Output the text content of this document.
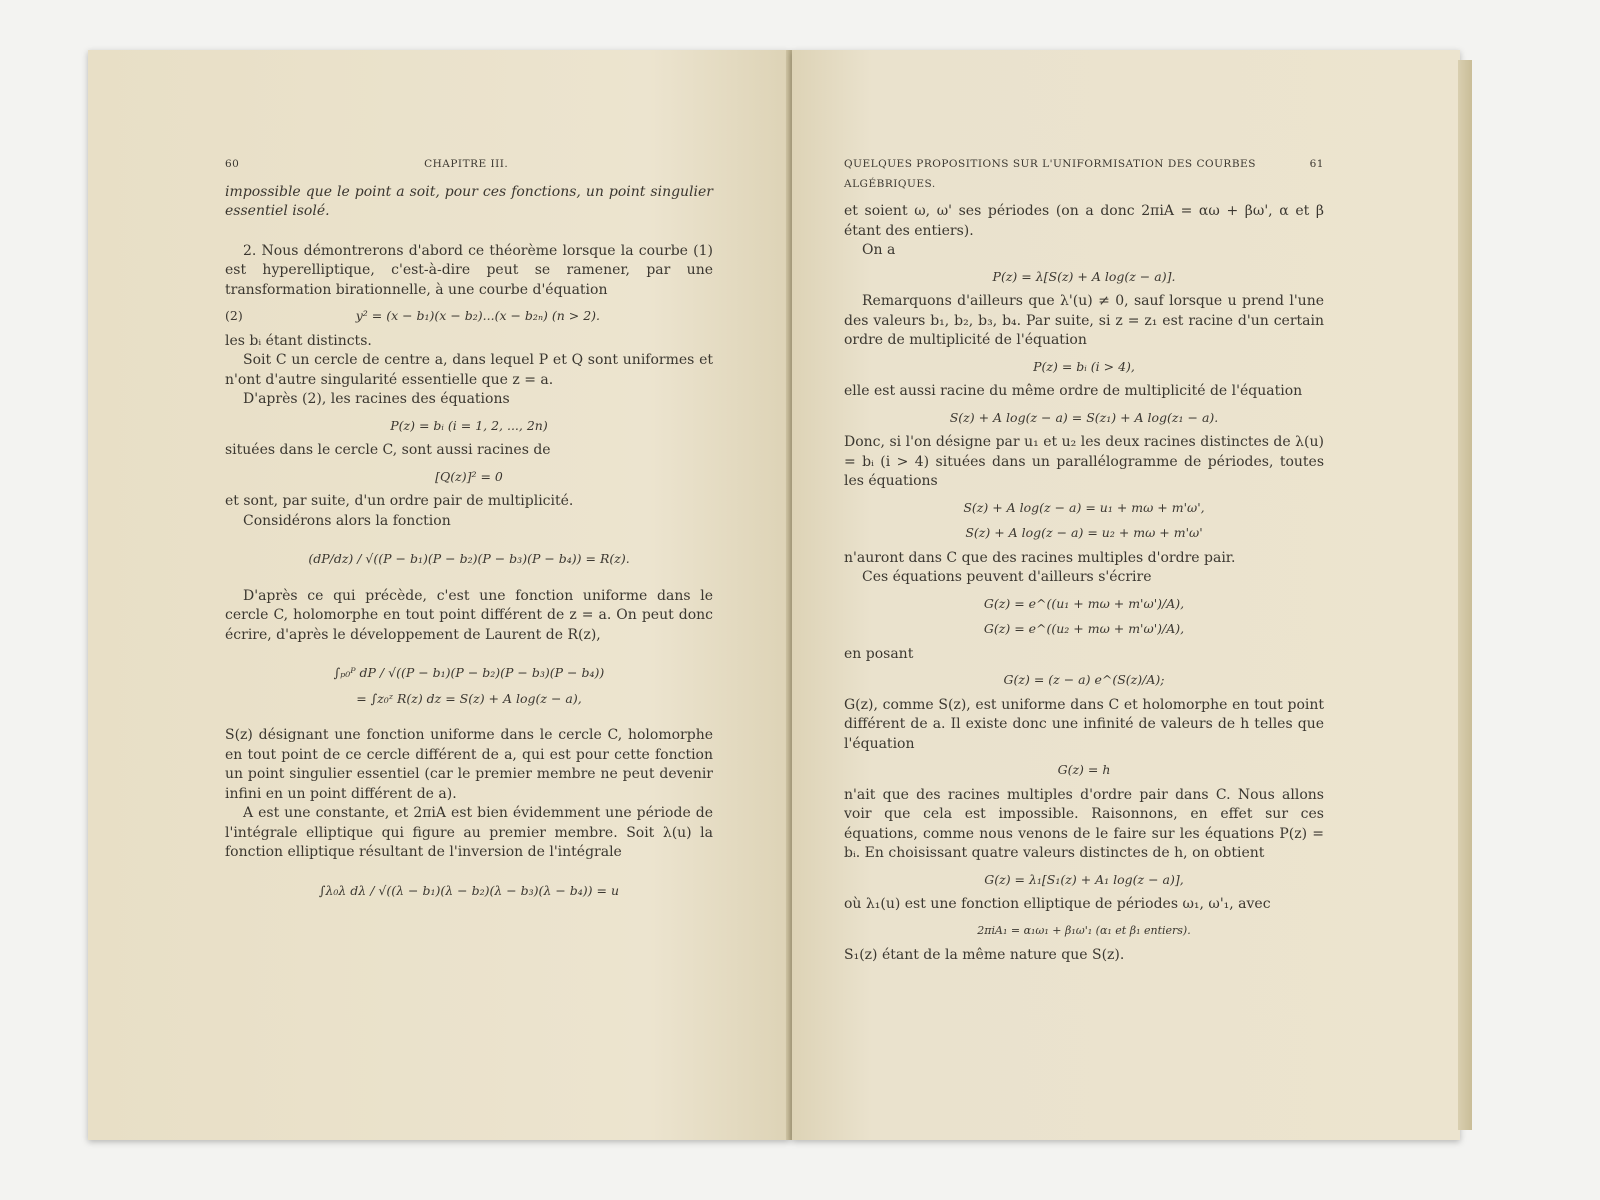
60	CHAPITRE III.
impossible que le point a soit, pour ces fonctions, un point singulier essentiel isolé.
2. Nous démontrerons d'abord ce théorème lorsque la courbe (1) est hyperelliptique, c'est-à-dire peut se ramener, par une transformation birationnelle, à une courbe d'équation
(2)	y² = (x − b₁)(x − b₂)...(x − b₂ₙ) (n > 2).
les bᵢ étant distincts.
Soit C un cercle de centre a, dans lequel P et Q sont uniformes et n'ont d'autre singularité essentielle que z = a.
D'après (2), les racines des équations
P(z) = bᵢ (i = 1, 2, ..., 2n)
situées dans le cercle C, sont aussi racines de
[Q(z)]² = 0
et sont, par suite, d'un ordre pair de multiplicité.
Considérons alors la fonction
(dP/dz) / √((P − b₁)(P − b₂)(P − b₃)(P − b₄)) = R(z).
D'après ce qui précède, c'est une fonction uniforme dans le cercle C, holomorphe en tout point différent de z = a. On peut donc écrire, d'après le développement de Laurent de R(z),
∫ₚ₀ᴾ dP / √((P − b₁)(P − b₂)(P − b₃)(P − b₄))
= ∫z₀ᶻ R(z) dz = S(z) + A log(z − a),
S(z) désignant une fonction uniforme dans le cercle C, holomorphe en tout point de ce cercle différent de a, qui est pour cette fonction un point singulier essentiel (car le premier membre ne peut devenir infini en un point différent de a).
A est une constante, et 2πiA est bien évidemment une période de l'intégrale elliptique qui figure au premier membre. Soit λ(u) la fonction elliptique résultant de l'inversion de l'intégrale
∫λ₀λ dλ / √((λ − b₁)(λ − b₂)(λ − b₃)(λ − b₄)) = u
QUELQUES PROPOSITIONS SUR L'UNIFORMISATION DES COURBES ALGÉBRIQUES.
61
et soient ω, ω' ses périodes (on a donc 2πiA = αω + βω', α et β étant des entiers).
On a
P(z) = λ[S(z) + A log(z − a)].
Remarquons d'ailleurs que λ'(u) ≠ 0, sauf lorsque u prend l'une des valeurs b₁, b₂, b₃, b₄. Par suite, si z = z₁ est racine d'un certain ordre de multiplicité de l'équation
P(z) = bᵢ (i > 4),
elle est aussi racine du même ordre de multiplicité de l'équation
S(z) + A log(z − a) = S(z₁) + A log(z₁ − a).
Donc, si l'on désigne par u₁ et u₂ les deux racines distinctes de λ(u) = bᵢ (i > 4) situées dans un parallélogramme de périodes, toutes les équations
S(z) + A log(z − a) = u₁ + mω + m'ω',
S(z) + A log(z − a) = u₂ + mω + m'ω'
n'auront dans C que des racines multiples d'ordre pair.
Ces équations peuvent d'ailleurs s'écrire
G(z) = e^((u₁ + mω + m'ω')/A),
G(z) = e^((u₂ + mω + m'ω')/A),
en posant
G(z) = (z − a) e^(S(z)/A);
G(z), comme S(z), est uniforme dans C et holomorphe en tout point différent de a. Il existe donc une infinité de valeurs de h telles que l'équation
G(z) = h
n'ait que des racines multiples d'ordre pair dans C. Nous allons voir que cela est impossible. Raisonnons, en effet sur ces équations, comme nous venons de le faire sur les équations P(z) = bᵢ. En choisissant quatre valeurs distinctes de h, on obtient
G(z) = λ₁[S₁(z) + A₁ log(z − a)],
où λ₁(u) est une fonction elliptique de périodes ω₁, ω'₁, avec
2πiA₁ = α₁ω₁ + β₁ω'₁ (α₁ et β₁ entiers).
S₁(z) étant de la même nature que S(z).
